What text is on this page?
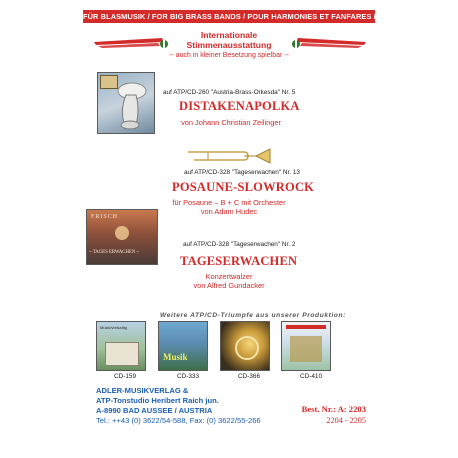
FÜR BLASMUSIK / FOR BIG BRASS BANDS / POUR HARMONIES ET FANFARES / PER BANDA
Internationale
Stimmenausstattung
-- auch in kleiner Besetzung spielbar --
auf ATP/CD-260 "Austria-Brass-Orkesda" Nr. 5
DISTAKENAPOLKA
von Johann Christian Zeilinger
auf ATP/CD-328 "Tageserwachen" Nr. 13
POSAUNE-SLOWROCK
für Posaune – B + C mit Orchester
von Adam Hudec
FRISCH
~ TAGES ERWACHEN ~
auf ATP/CD-328 "Tageserwachen" Nr. 2
TAGESERWACHEN
Konzertwalzer
von Alfred Gundacker
Weitere ATP/CD-Triumpfe aus unserer Produktion:
Musik/vielsaitig
Musik
CD-159	CD-333	CD-366	CD-410
ADLER-MUSIKVERLAG &
ATP-Tonstudio Heribert Raich jun.
A-8990 BAD AUSSEE / AUSTRIA
Tel.: ++43 (0) 3622/54-588, Fax: (0) 3622/55-266
Best. Nr.: A: 2203
2204 - 2205
